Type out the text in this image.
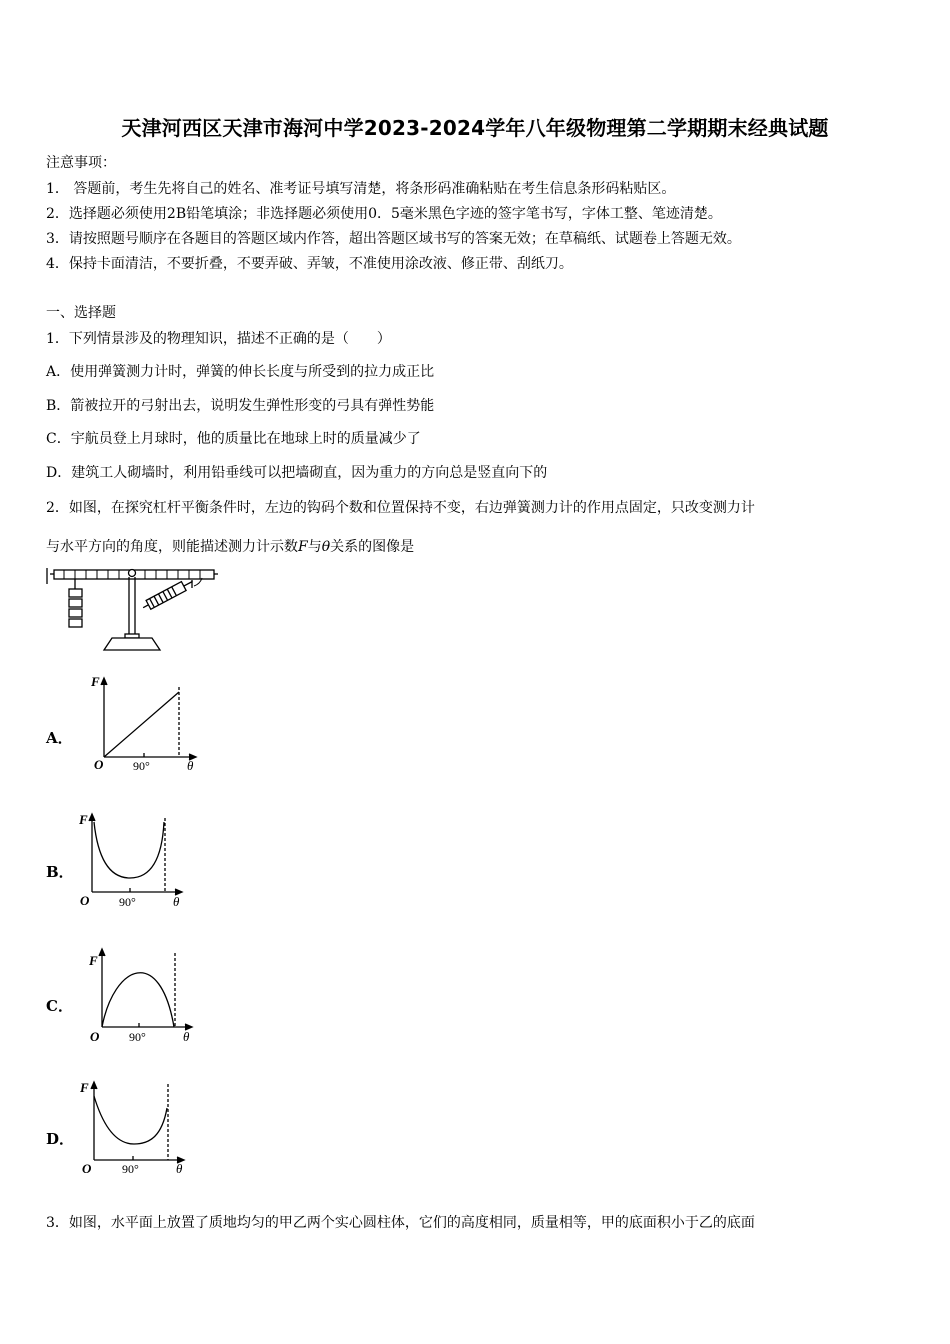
天津河西区天津市海河中学2023-2024学年八年级物理第二学期期末经典试题
注意事项：
1． 答题前，考生先将自己的姓名、准考证号填写清楚，将条形码准确粘贴在考生信息条形码粘贴区。
2．选择题必须使用2B铅笔填涂；非选择题必须使用0．5毫米黑色字迹的签字笔书写，字体工整、笔迹清楚。
3．请按照题号顺序在各题目的答题区域内作答，超出答题区域书写的答案无效；在草稿纸、试题卷上答题无效。
4．保持卡面清洁，不要折叠，不要弄破、弄皱，不准使用涂改液、修正带、刮纸刀。
一、选择题
1．下列情景涉及的物理知识，描述不正确的是（　　）
A．使用弹簧测力计时，弹簧的伸长长度与所受到的拉力成正比
B．箭被拉开的弓射出去，说明发生弹性形变的弓具有弹性势能
C．宇航员登上月球时，他的质量比在地球上时的质量减少了
D．建筑工人砌墙时，利用铅垂线可以把墙砌直，因为重力的方向总是竖直向下的
2．如图，在探究杠杆平衡条件时，左边的钩码个数和位置保持不变，右边弹簧测力计的作用点固定，只改变测力计
与水平方向的角度，则能描述测力计示数F与θ关系的图像是
A．
F
O 90°	θ
B．
F
O 90°	θ
C．
F
O 90°	θ
D．
F
O	90°	θ
3．如图，水平面上放置了质地均匀的甲乙两个实心圆柱体，它们的高度相同，质量相等，甲的底面积小于乙的底面
